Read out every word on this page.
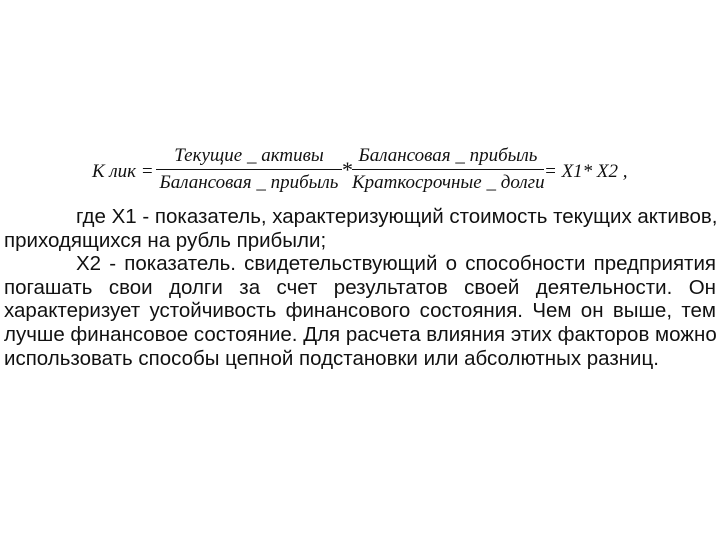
К лик =
Текущие _ активы
Балансовая _ прибыль
*
Балансовая _ прибыль
Краткосрочные _ долги
= Х1* Х2 ,
где Х1 - показатель, характеризующий стоимость текущих активов,
приходящихся на рубль прибыли;
Х2 - показатель. свидетельствующий о способности предприятия
погашать свои долги за счет результатов своей деятельности. Он
характеризует устойчивость финансового состояния. Чем он выше, тем
лучше финансовое состояние. Для расчета влияния этих факторов можно
использовать способы цепной подстановки или абсолютных разниц.
